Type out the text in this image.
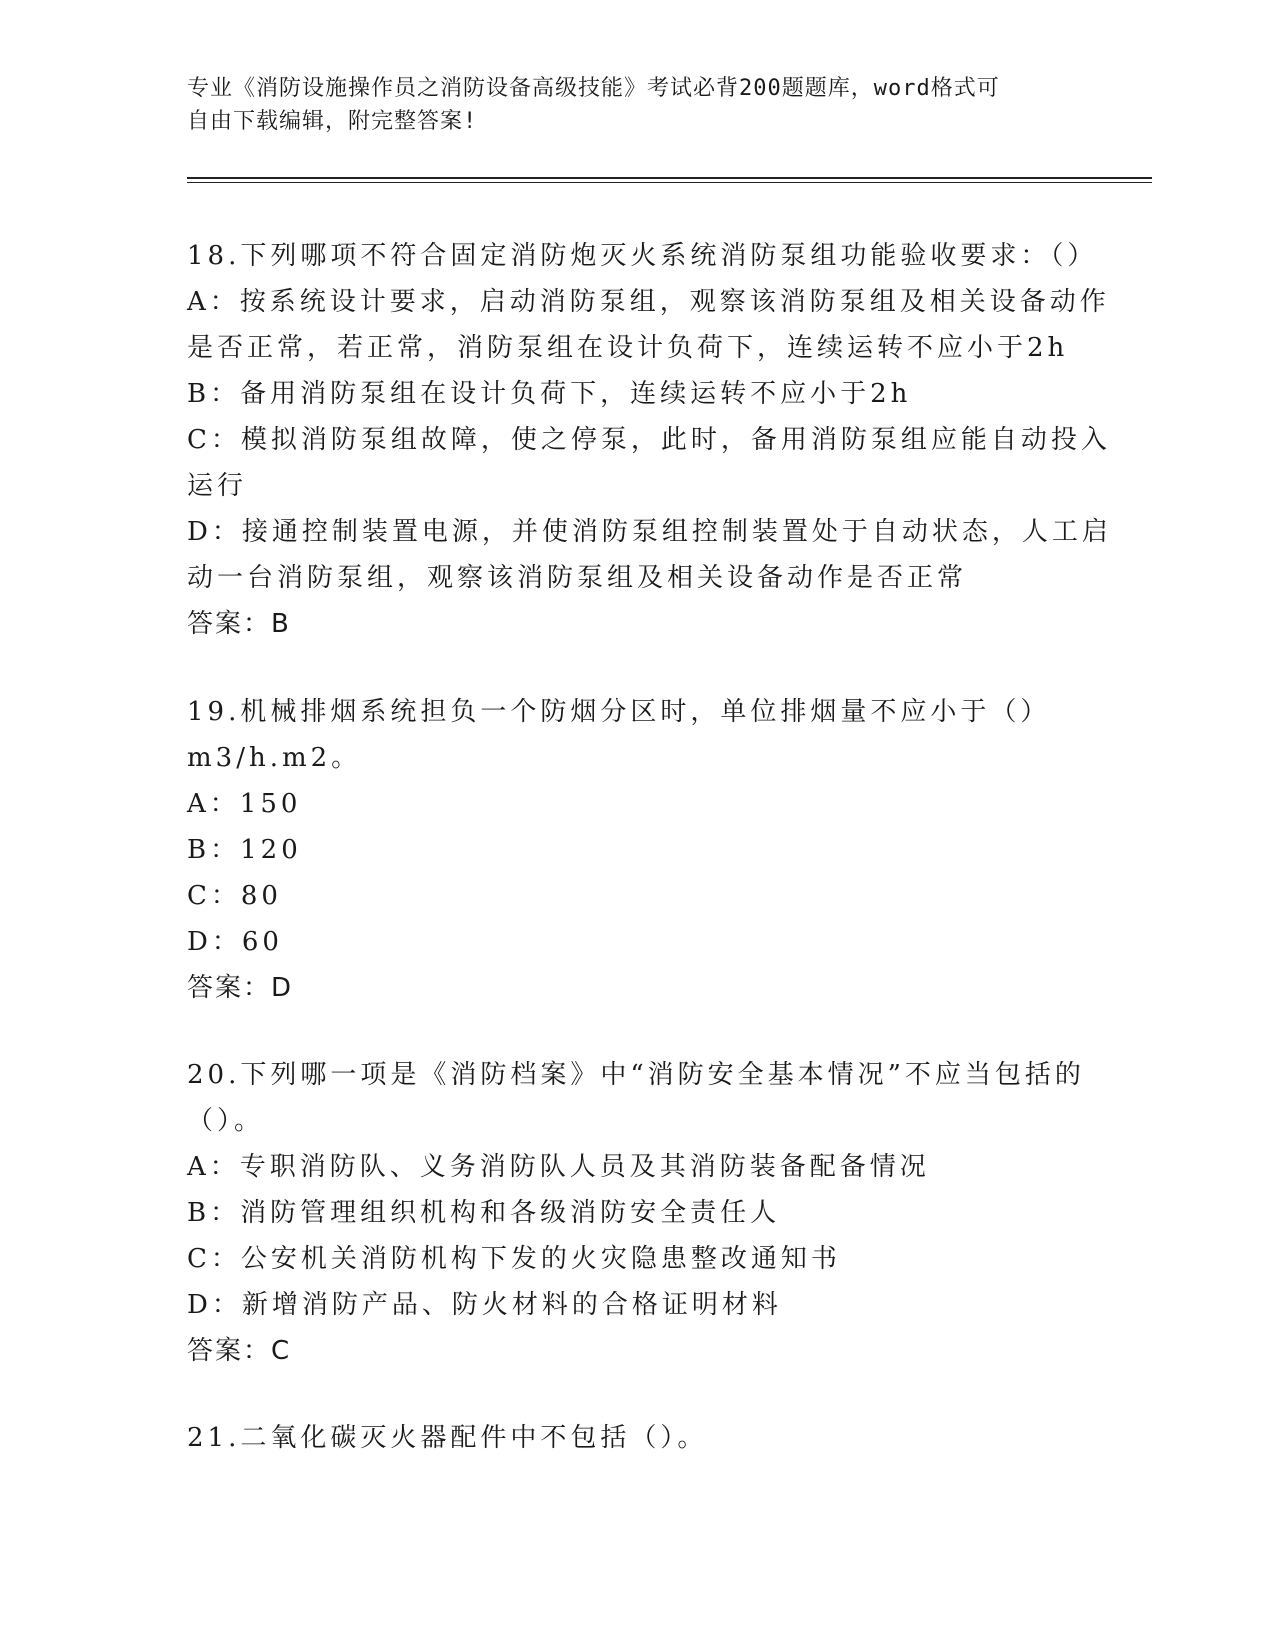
专业《消防设施操作员之消防设备高级技能》考试必背200题题库，word格式可
自由下载编辑，附完整答案!
18.下列哪项不符合固定消防炮灭火系统消防泵组功能验收要求：（）
A：按系统设计要求，启动消防泵组，观察该消防泵组及相关设备动作
是否正常，若正常，消防泵组在设计负荷下，连续运转不应小于2h
B：备用消防泵组在设计负荷下，连续运转不应小于2h
C：模拟消防泵组故障，使之停泵，此时，备用消防泵组应能自动投入
运行
D：接通控制装置电源，并使消防泵组控制装置处于自动状态，人工启
动一台消防泵组，观察该消防泵组及相关设备动作是否正常
答案：B
19.机械排烟系统担负一个防烟分区时，单位排烟量不应小于（）
m3/h.m2。
A：150
B：120
C：80
D：60
答案：D
20.下列哪一项是《消防档案》中“消防安全基本情况”不应当包括的
（）。
A：专职消防队、义务消防队人员及其消防装备配备情况
B：消防管理组织机构和各级消防安全责任人
C：公安机关消防机构下发的火灾隐患整改通知书
D：新增消防产品、防火材料的合格证明材料
答案：C
21.二氧化碳灭火器配件中不包括（）。
